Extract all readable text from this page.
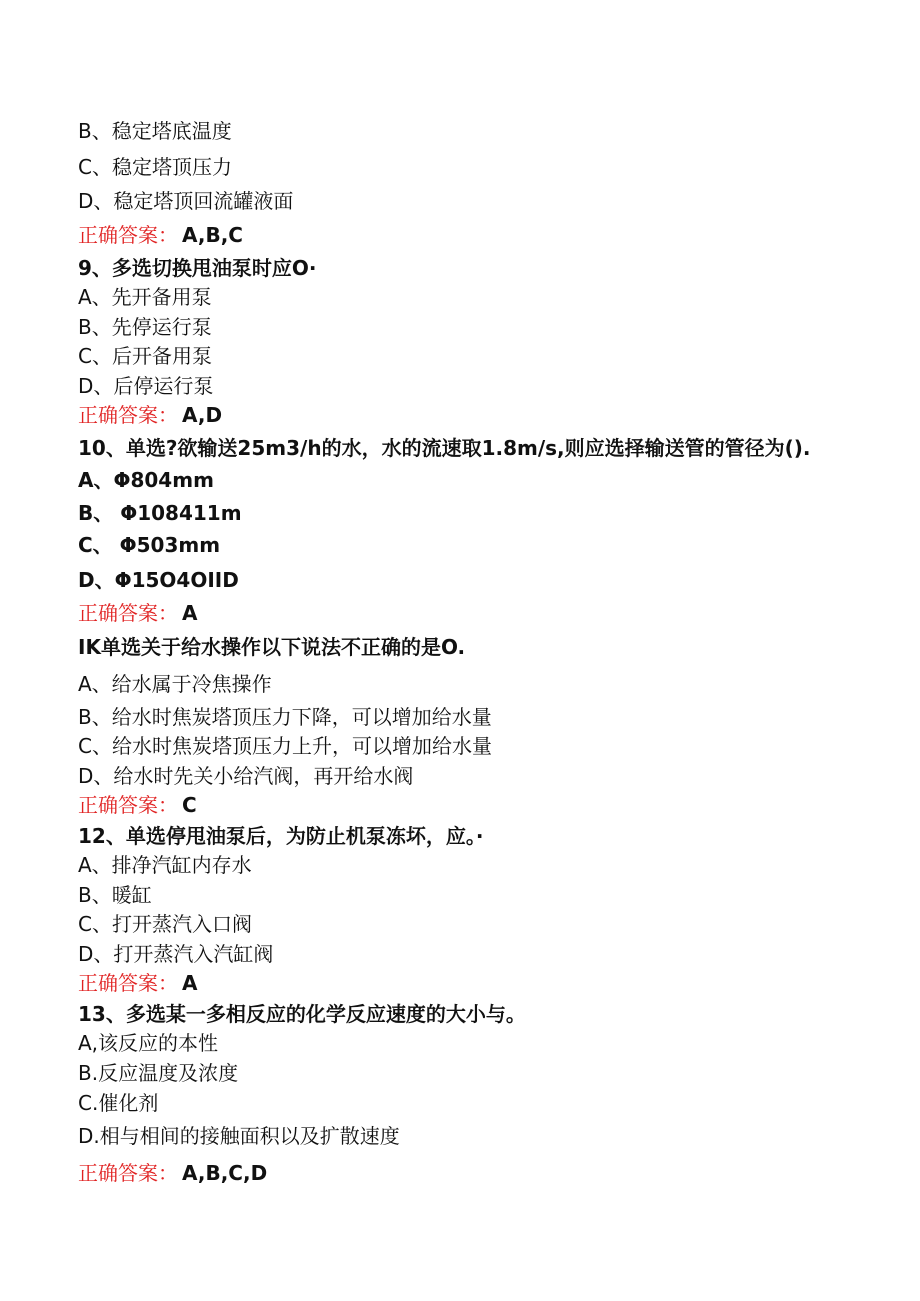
B、稳定塔底温度
C、稳定塔顶压力
D、稳定塔顶回流罐液面
正确答案： A,B,C
9、多选切换甩油泵时应O·
A、先开备用泵
B、先停运行泵
C、后开备用泵
D、后停运行泵
正确答案： A,D
10、单选?欲输送25m3/h的水，水的流速取1.8m/s,则应选择输送管的管径为().
A、Φ804mm
B、 Φ108411m
C、 Φ503mm
D、Φ15O4OIID
正确答案： A
IK单选关于给水操作以下说法不正确的是O.
A、给水属于冷焦操作
B、给水时焦炭塔顶压力下降，可以增加给水量
C、给水时焦炭塔顶压力上升，可以增加给水量
D、给水时先关小给汽阀，再开给水阀
正确答案： C
12、单选停甩油泵后，为防止机泵冻坏，应。·
A、排净汽缸内存水
B、暖缸
C、打开蒸汽入口阀
D、打开蒸汽入汽缸阀
正确答案： A
13、多选某一多相反应的化学反应速度的大小与。
A,该反应的本性
B.反应温度及浓度
C.催化剂
D.相与相间的接触面积以及扩散速度
正确答案： A,B,C,D
